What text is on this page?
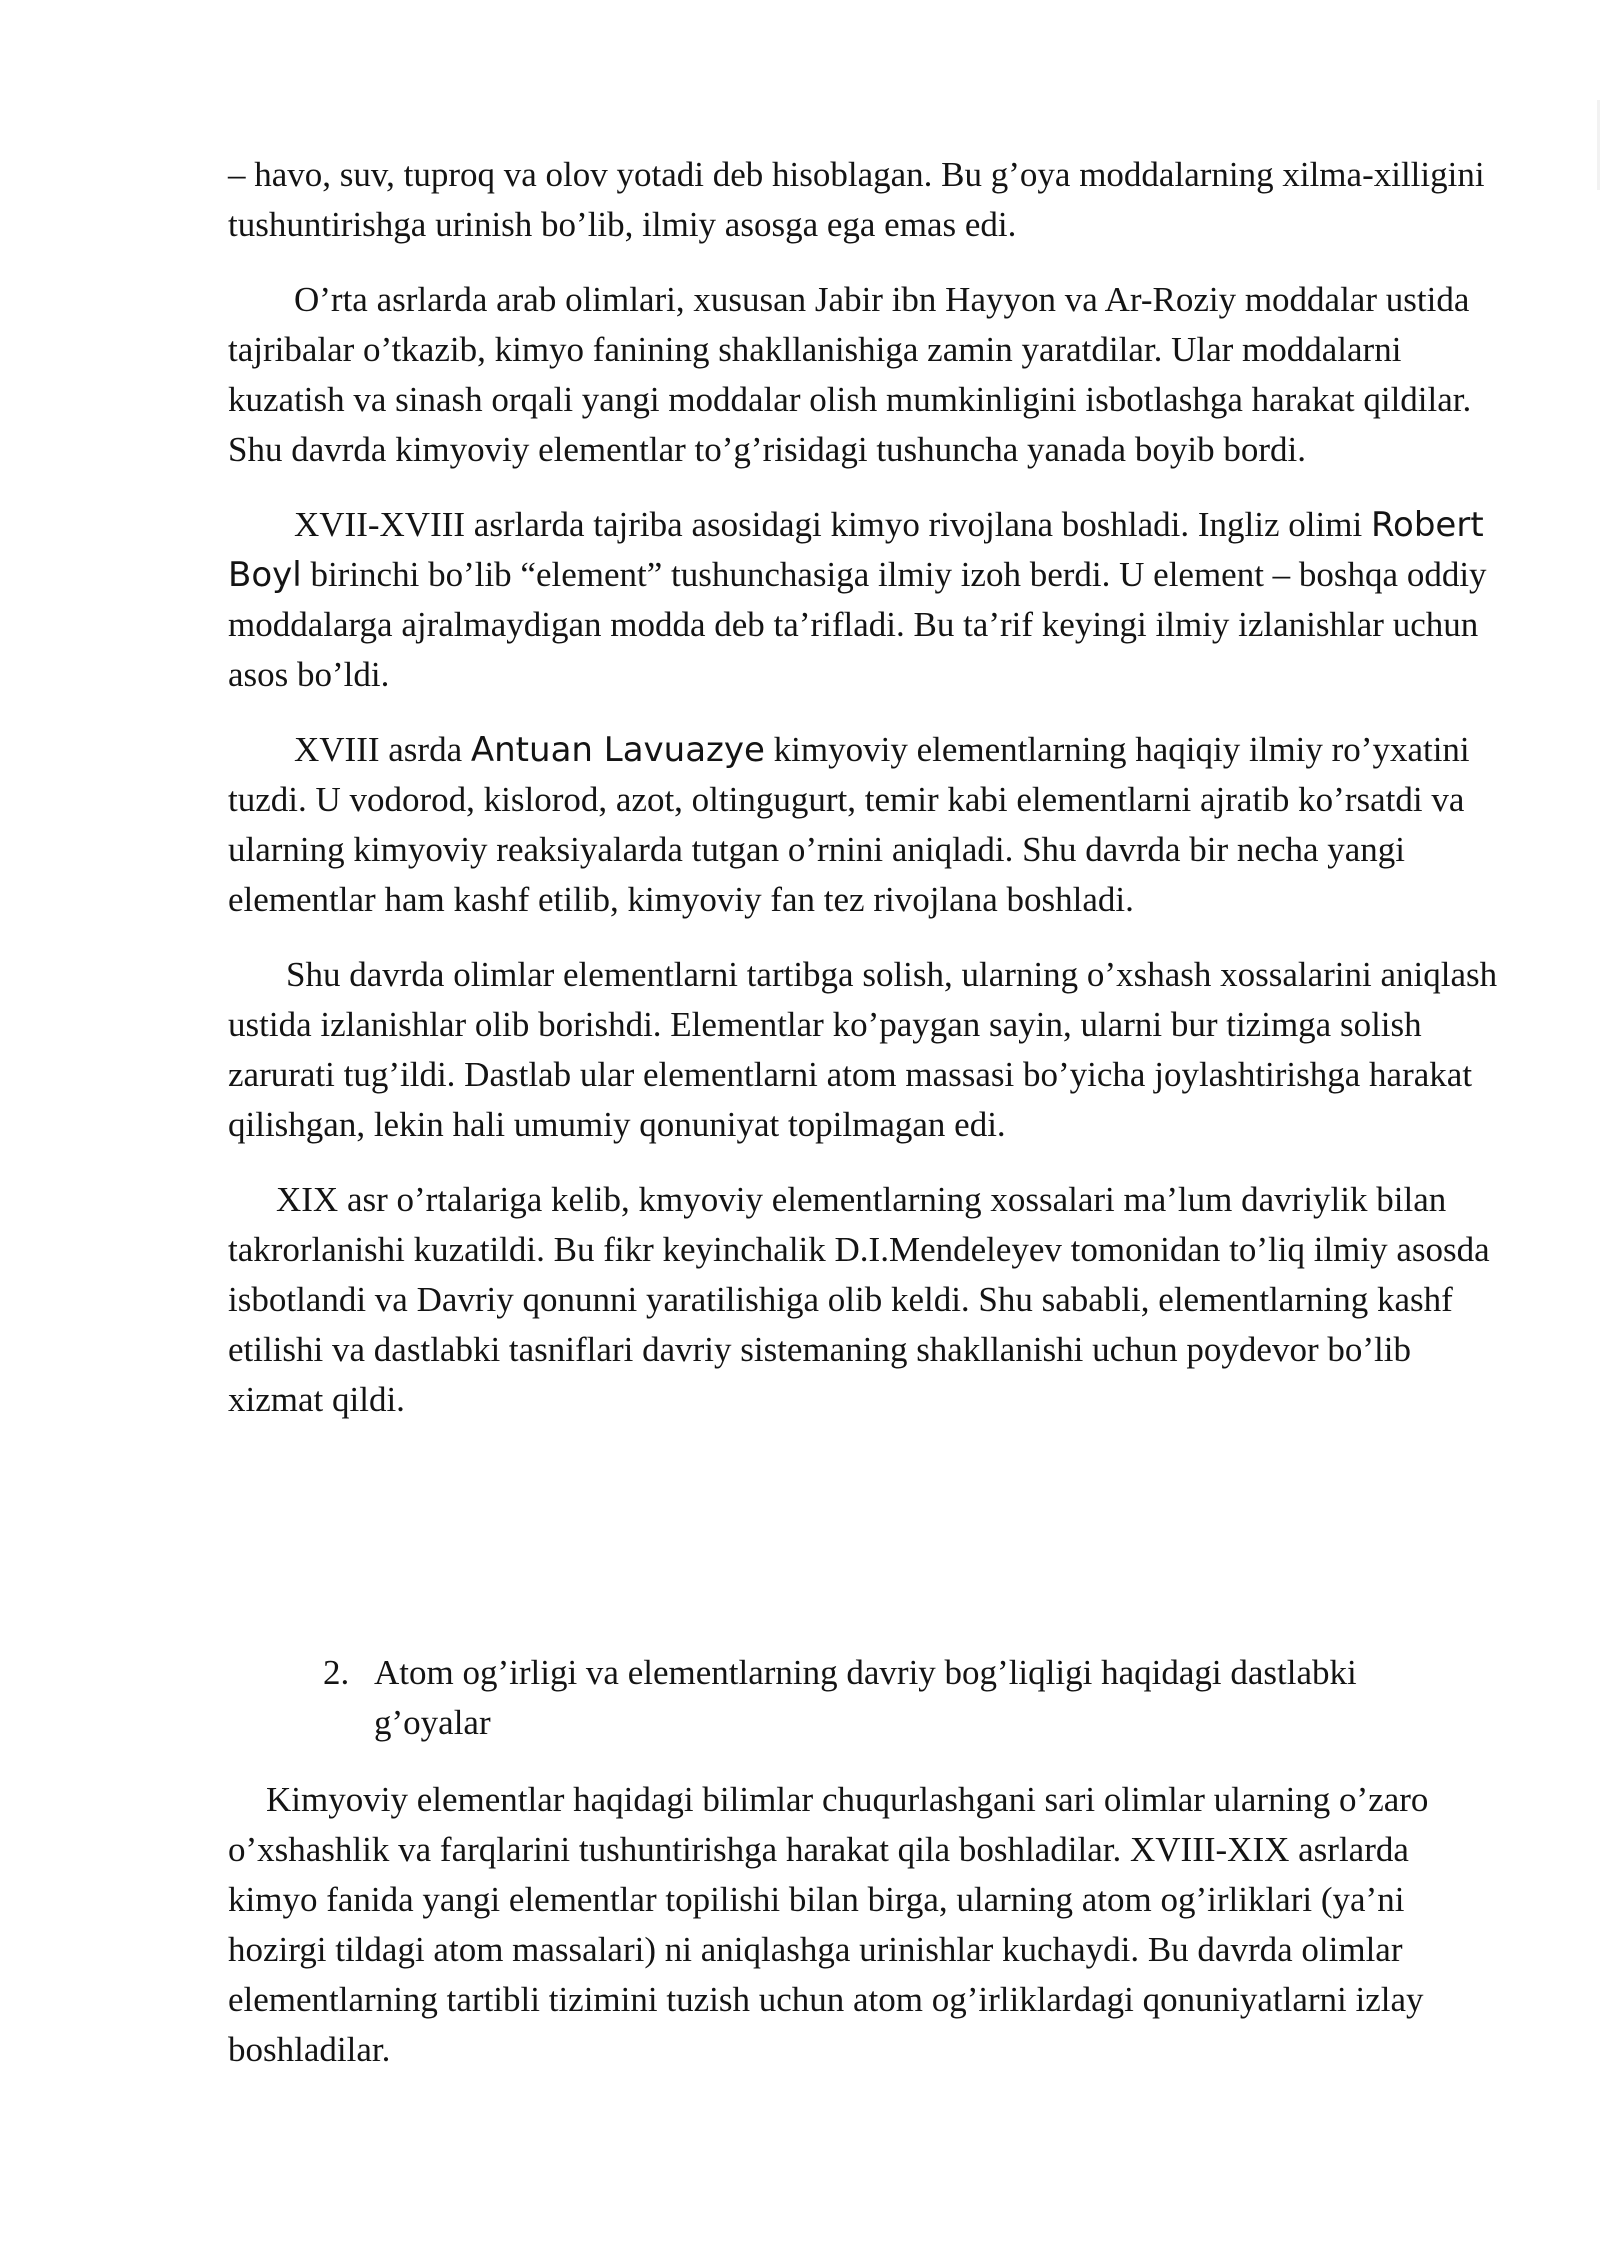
– havo, suv, tuproq va olov yotadi deb hisoblagan. Bu g’oya moddalarning xilma-xilligini tushuntirishga urinish bo’lib, ilmiy asosga ega emas edi.

O’rta asrlarda arab olimlari, xususan Jabir ibn Hayyon va Ar-Roziy moddalar ustida tajribalar o’tkazib, kimyo fanining shakllanishiga zamin yaratdilar. Ular moddalarni kuzatish va sinash orqali yangi moddalar olish mumkinligini isbotlashga harakat qildilar. Shu davrda kimyoviy elementlar to’g’risidagi tushuncha yanada boyib bordi.

XVII-XVIII asrlarda tajriba asosidagi kimyo rivojlana boshladi. Ingliz olimi Robert Boyl birinchi bo’lib “element” tushunchasiga ilmiy izoh berdi. U element – boshqa oddiy moddalarga ajralmaydigan modda deb ta’rifladi. Bu ta’rif keyingi ilmiy izlanishlar uchun asos bo’ldi.

XVIII asrda Antuan Lavuazye kimyoviy elementlarning haqiqiy ilmiy ro’yxatini tuzdi. U vodorod, kislorod, azot, oltingugurt, temir kabi elementlarni ajratib ko’rsatdi va ularning kimyoviy reaksiyalarda tutgan o’rnini aniqladi. Shu davrda bir necha yangi elementlar ham kashf etilib, kimyoviy fan tez rivojlana boshladi.

Shu davrda olimlar elementlarni tartibga solish, ularning o’xshash xossalarini aniqlash ustida izlanishlar olib borishdi. Elementlar ko’paygan sayin, ularni bur tizimga solish zarurati tug’ildi. Dastlab ular elementlarni atom massasi bo’yicha joylashtirishga harakat qilishgan, lekin hali umumiy qonuniyat topilmagan edi.

XIX asr o’rtalariga kelib, kmyoviy elementlarning xossalari ma’lum davriylik bilan takrorlanishi kuzatildi. Bu fikr keyinchalik D.I.Mendeleyev tomonidan to’liq ilmiy asosda isbotlandi va Davriy qonunni yaratilishiga olib keldi. Shu sababli, elementlarning kashf etilishi va dastlabki tasniflari davriy sistemaning shakllanishi uchun poydevor bo’lib xizmat qildi.

2. Atom og’irligi va elementlarning davriy bog’liqligi haqidagi dastlabki g’oyalar

Kimyoviy elementlar haqidagi bilimlar chuqurlashgani sari olimlar ularning o’zaro o’xshashlik va farqlarini tushuntirishga harakat qila boshladilar. XVIII-XIX asrlarda kimyo fanida yangi elementlar topilishi bilan birga, ularning atom og’irliklari (ya’ni hozirgi tildagi atom massalari) ni aniqlashga urinishlar kuchaydi. Bu davrda olimlar elementlarning tartibli tizimini tuzish uchun atom og’irliklardagi qonuniyatlarni izlay boshladilar.
